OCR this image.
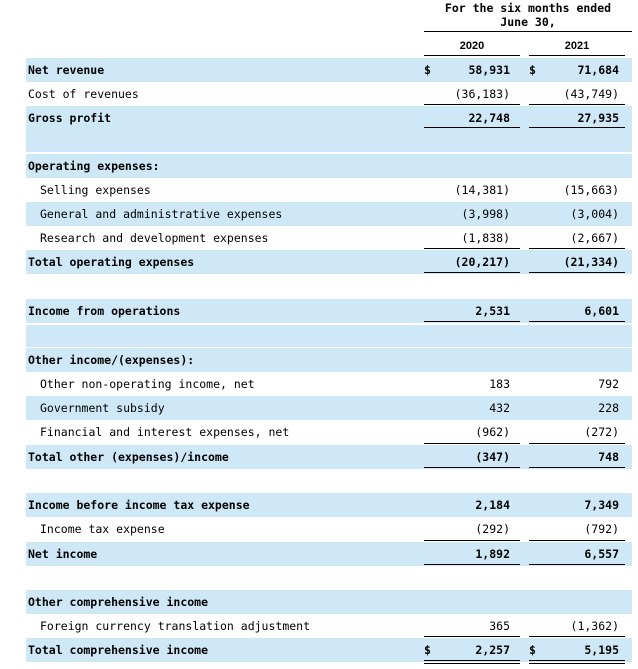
For the six months ended
June 30,
2020	2021
Net revenue	$	58,931 $	71,684
Cost of revenues	(36,183)	(43,749)
Gross profit	22,748	27,935
Operating expenses:
Selling expenses	(14,381)	(15,663)
General and administrative expenses	(3,998)	(3,004)
Research and development expenses	(1,838)	(2,667)
Total operating expenses	(20,217)	(21,334)
Income from operations	2,531	6,601
Other income/(expenses):
Other non-operating income, net	183	792
Government subsidy	432	228
Financial and interest expenses, net	(962)	(272)
Total other (expenses)/income	(347)	748
Income before income tax expense	2,184	7,349
Income tax expense	(292)	(792)
Net income	1,892	6,557
Other comprehensive income
Foreign currency translation adjustment	365	(1,362)
Total comprehensive income	$	2,257 $	5,195
